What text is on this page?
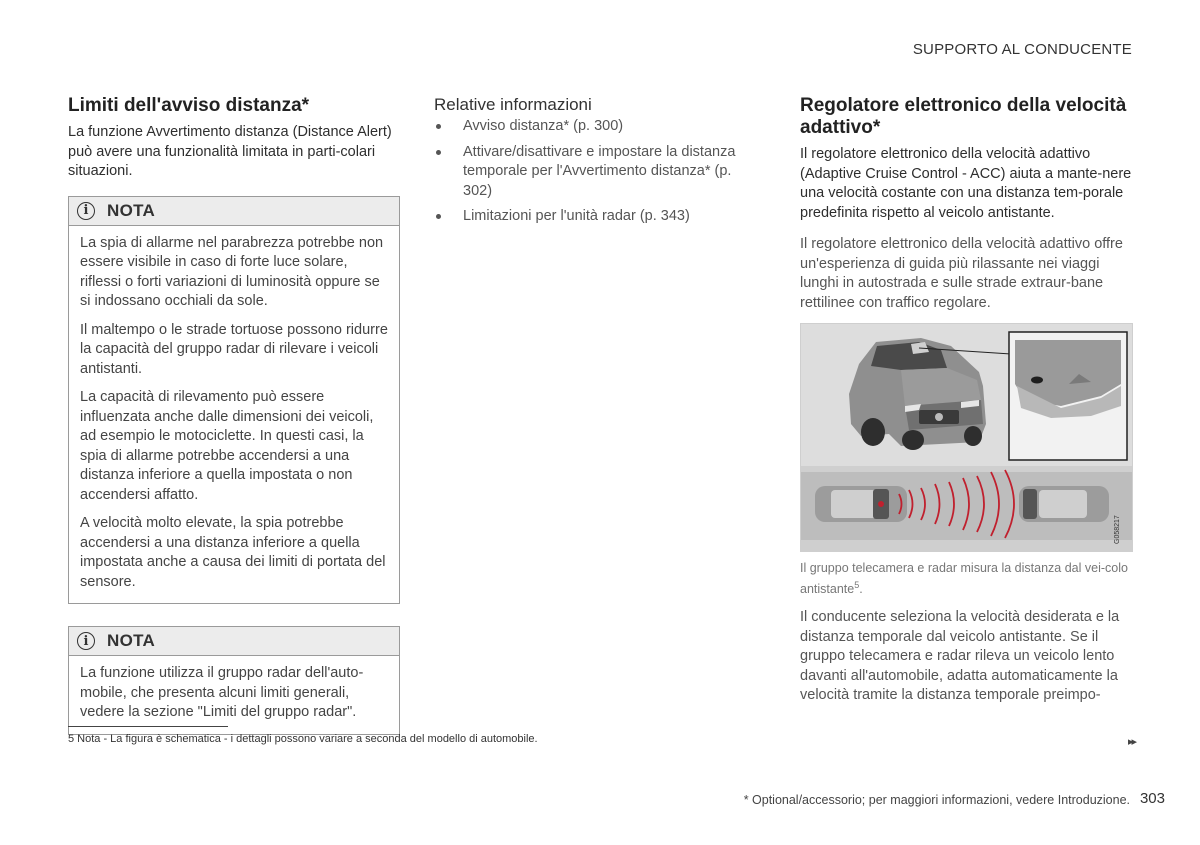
SUPPORTO AL CONDUCENTE
Limiti dell'avviso distanza*

La funzione Avvertimento distanza (Distance Alert) può avere una funzionalità limitata in parti-colari situazioni.

i	NOTA

La spia di allarme nel parabrezza potrebbe non essere visibile in caso di forte luce solare, riflessi o forti variazioni di luminosità oppure se si indossano occhiali da sole.

Il maltempo o le strade tortuose possono ridurre la capacità del gruppo radar di rilevare i veicoli antistanti.

La capacità di rilevamento può essere influenzata anche dalle dimensioni dei veicoli, ad esempio le motociclette. In questi casi, la spia di allarme potrebbe accendersi a una distanza inferiore a quella impostata o non accendersi affatto.

A velocità molto elevate, la spia potrebbe accendersi a una distanza inferiore a quella impostata anche a causa dei limiti di portata del sensore.

i	NOTA

La funzione utilizza il gruppo radar dell'auto-mobile, che presenta alcuni limiti generali, vedere la sezione "Limiti del gruppo radar".

Relative informazioni
Avviso distanza* (p. 300)
Attivare/disattivare e impostare la distanza temporale per l'Avvertimento distanza* (p. 302)
Limitazioni per l'unità radar (p. 343)
Regolatore elettronico della velocità adattivo*

Il regolatore elettronico della velocità adattivo (Adaptive Cruise Control - ACC) aiuta a mante-nere una velocità costante con una distanza tem-porale predefinita rispetto al veicolo antistante.

Il regolatore elettronico della velocità adattivo offre un'esperienza di guida più rilassante nei viaggi lunghi in autostrada e sulle strade extraur-bane rettilinee con traffico regolare.

G058217

Il gruppo telecamera e radar misura la distanza dal vei-colo antistante$^5$.

Il conducente seleziona la velocità desiderata e la distanza temporale dal veicolo antistante. Se il gruppo telecamera e radar rileva un veicolo lento davanti all'automobile, adatta automaticamente la velocità tramite la distanza temporale preimpo-

5 Nota - La figura è schematica - i dettagli possono variare a seconda del modello di automobile.	▸▸
* Optional/accessorio; per maggiori informazioni, vedere Introduzione. 303
